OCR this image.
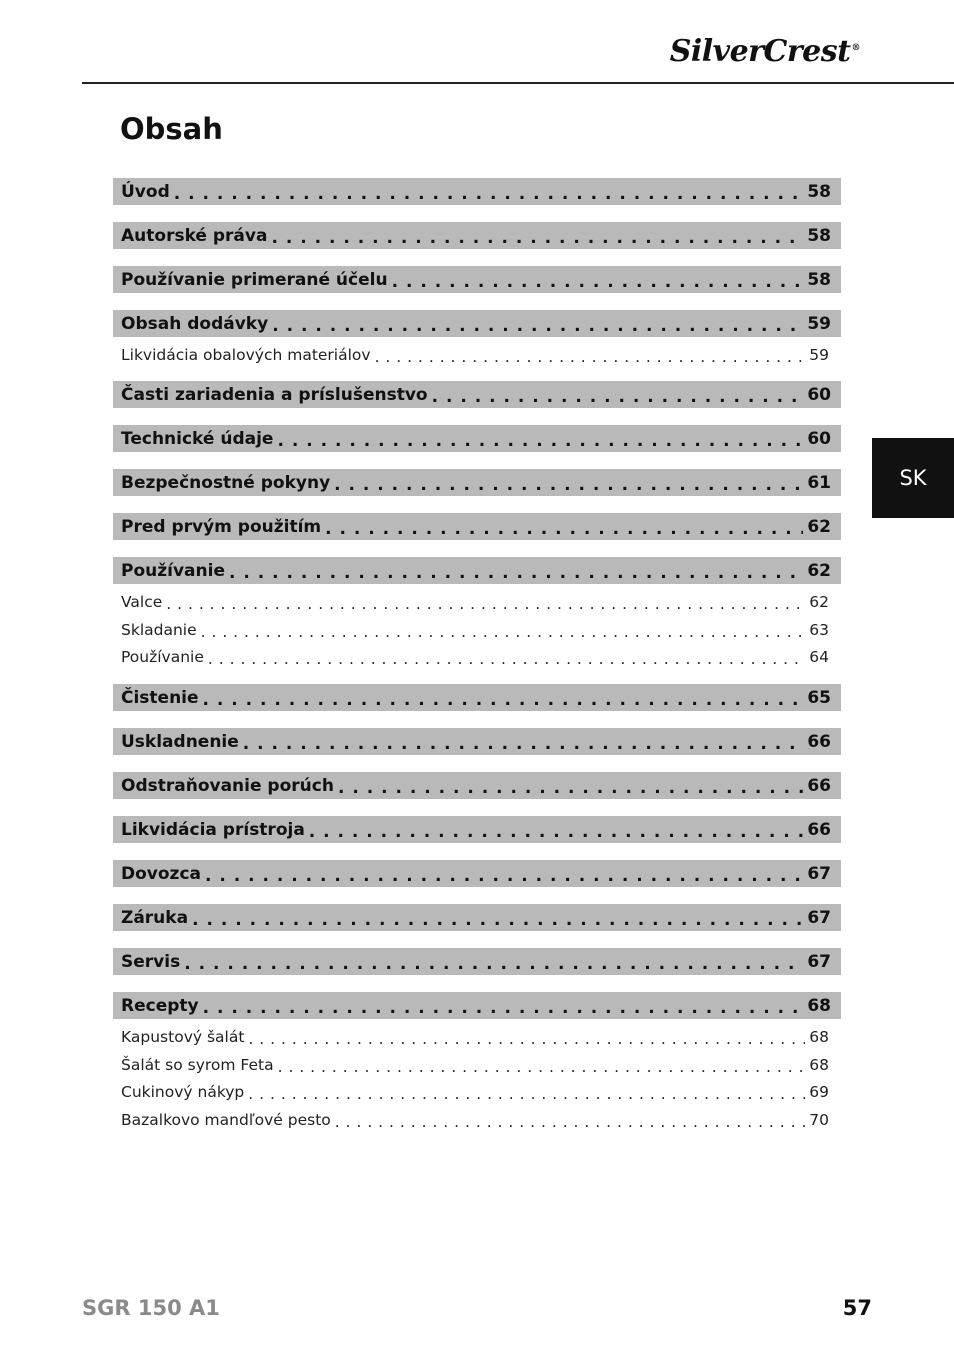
SilverCrest®
Obsah
SK
Úvod . . .	58
Autorské práva . . .	58
Používanie primerané účelu . . .	58
Obsah dodávky . . .	59
Likvidácia obalových materiálov . . .	59
Časti zariadenia a príslušenstvo . . .	60
Technické údaje . . .	60
Bezpečnostné pokyny . . .	61
Pred prvým použitím . . .	62
Používanie . . .	62
Valce . . .	62
Skladanie . . .	63
Používanie . . .	64
Čistenie . . .	65
Uskladnenie . . .	66
Odstraňovanie porúch . . .	66
Likvidácia prístroja . . .	66
Dovozca . . .	67
Záruka . . .	67
Servis . . .	67
Recepty . . .	68
Kapustový šalát . . .	68
Šalát so syrom Feta . . .	68
Cukinový nákyp . . .	69
Bazalkovo mandľové pesto . . .	70
SGR 150 A1	57
